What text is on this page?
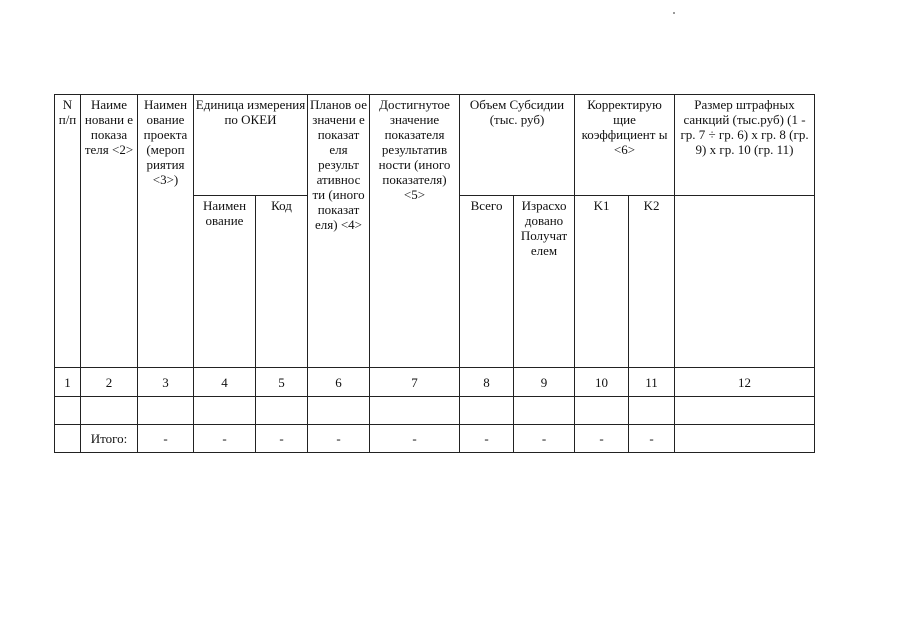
N п/п	Наиме новани е показа теля <2>	Наимен ование проекта (мероп риятия <3>)	Единица измерения по ОКЕИ		Планов ое значени е показат еля результ ативнос ти (иного показат еля) <4>	Достигнутое значение показателя результатив ности (иного показателя) <5>	Объем Субсидии (тыс. руб)		Корректирую щие коэффициент ы <6>		Размер штрафных санкций (тыс.руб) (1 - гр. 7 ÷ гр. 6) х гр. 8 (гр. 9) х гр. 10 (гр. 11)
			Наимен ование	Код			Всего	Израсхо довано Получат елем	K1	K2	
1	2	3	4	5	6	7	8	9	10	11	12

	Итого:	-	-	-	-	-	-	-	-	-	
